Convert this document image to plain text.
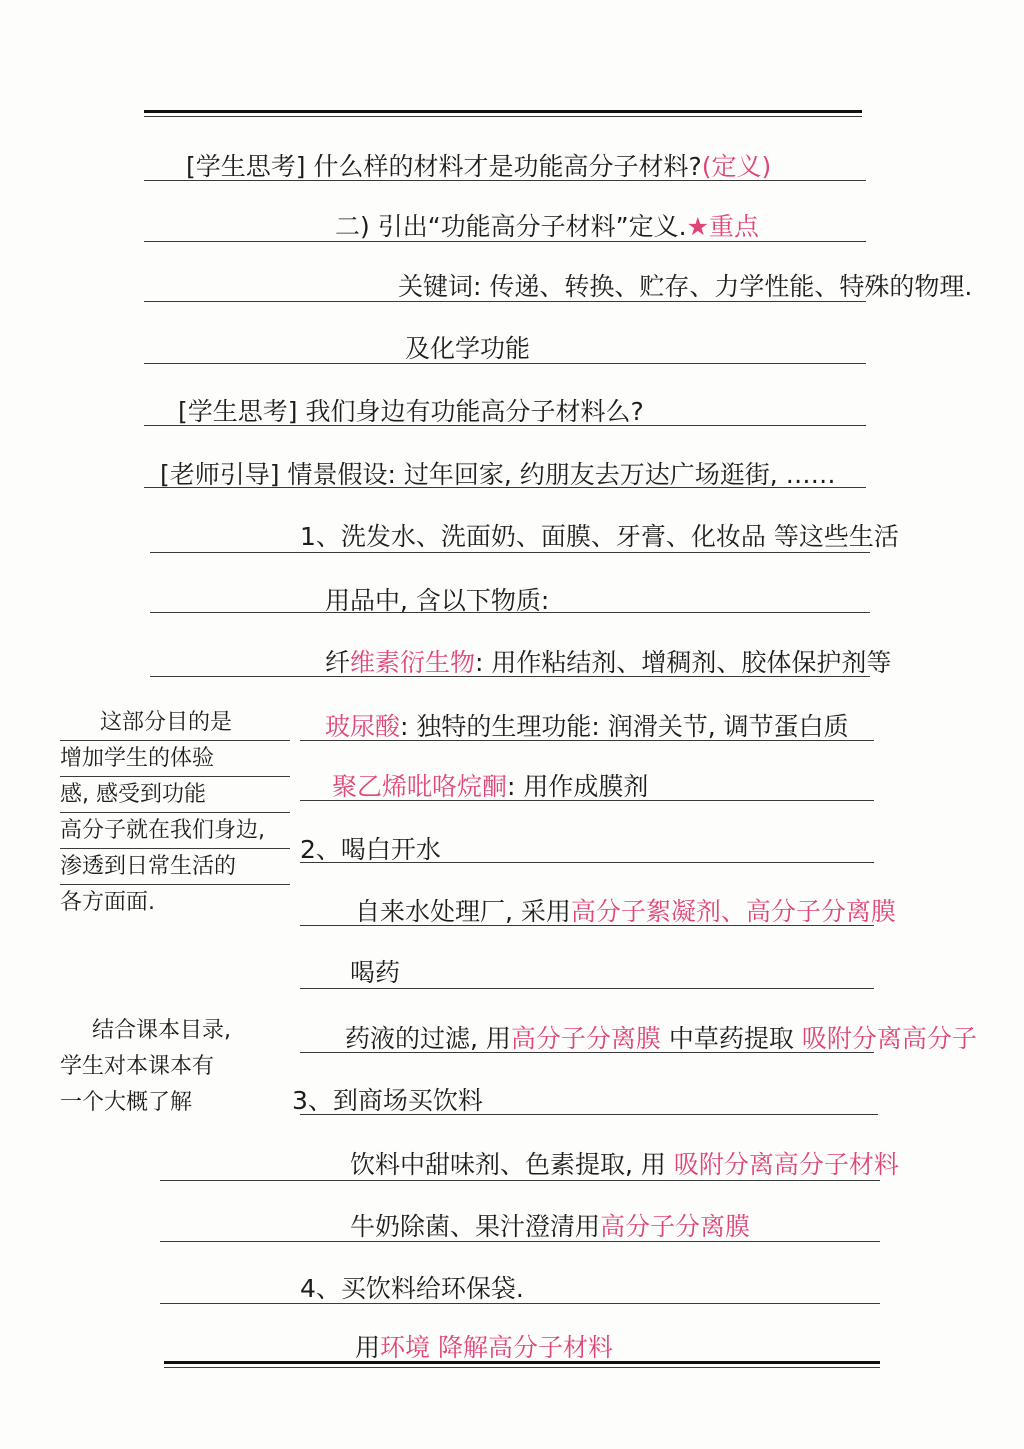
[学生思考] 什么样的材料才是功能高分子材料?(定义)
二) 引出“功能高分子材料”定义.★重点
关键词: 传递、转换、贮存、力学性能、特殊的物理.
及化学功能
[学生思考] 我们身边有功能高分子材料么?
[老师引导] 情景假设: 过年回家, 约朋友去万达广场逛街, ……
1、洗发水、洗面奶、面膜、牙膏、化妆品 等这些生活
用品中, 含以下物质:
纤维素衍生物: 用作粘结剂、增稠剂、胶体保护剂等
玻尿酸: 独特的生理功能: 润滑关节, 调节蛋白质
聚乙烯吡咯烷酮: 用作成膜剂
2、喝白开水
自来水处理厂, 采用高分子絮凝剂、高分子分离膜
喝药
药液的过滤, 用高分子分离膜 中草药提取 吸附分离高分子
3、到商场买饮料
饮料中甜味剂、色素提取, 用 吸附分离高分子材料
牛奶除菌、果汁澄清用高分子分离膜
4、买饮料给环保袋.
用环境 降解高分子材料
这部分目的是
增加学生的体验
感, 感受到功能
高分子就在我们身边,
渗透到日常生活的
各方面面.
结合课本目录,
学生对本课本有
一个大概了解
